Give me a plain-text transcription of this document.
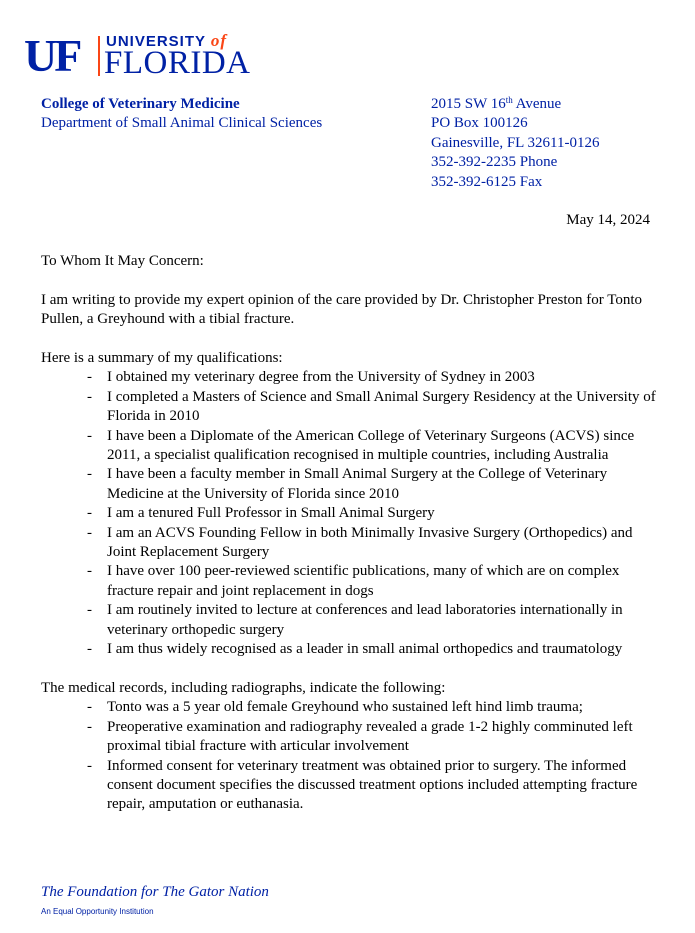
UF UNIVERSITY of
FLORIDA
College of Veterinary Medicine
Department of Small Animal Clinical Sciences
2015 SW 16th Avenue
PO Box 100126
Gainesville, FL 32611-0126
352-392-2235 Phone
352-392-6125 Fax
May 14, 2024

To Whom It May Concern:

I am writing to provide my expert opinion of the care provided by Dr. Christopher Preston for Tonto Pullen, a Greyhound with a tibial fracture.

Here is a summary of my qualifications:
- I obtained my veterinary degree from the University of Sydney in 2003
- I completed a Masters of Science and Small Animal Surgery Residency at the University of Florida in 2010
- I have been a Diplomate of the American College of Veterinary Surgeons (ACVS) since 2011, a specialist qualification recognised in multiple countries, including Australia
- I have been a faculty member in Small Animal Surgery at the College of Veterinary Medicine at the University of Florida since 2010
- I am a tenured Full Professor in Small Animal Surgery
- I am an ACVS Founding Fellow in both Minimally Invasive Surgery (Orthopedics) and Joint Replacement Surgery
- I have over 100 peer-reviewed scientific publications, many of which are on complex fracture repair and joint replacement in dogs
- I am routinely invited to lecture at conferences and lead laboratories internationally in veterinary orthopedic surgery
- I am thus widely recognised as a leader in small animal orthopedics and traumatology
The medical records, including radiographs, indicate the following:
- Tonto was a 5 year old female Greyhound who sustained left hind limb trauma;
- Preoperative examination and radiography revealed a grade 1-2 highly comminuted left proximal tibial fracture with articular involvement
- Informed consent for veterinary treatment was obtained prior to surgery. The informed consent document specifies the discussed treatment options included attempting fracture repair, amputation or euthanasia.
The Foundation for The Gator Nation
An Equal Opportunity Institution
